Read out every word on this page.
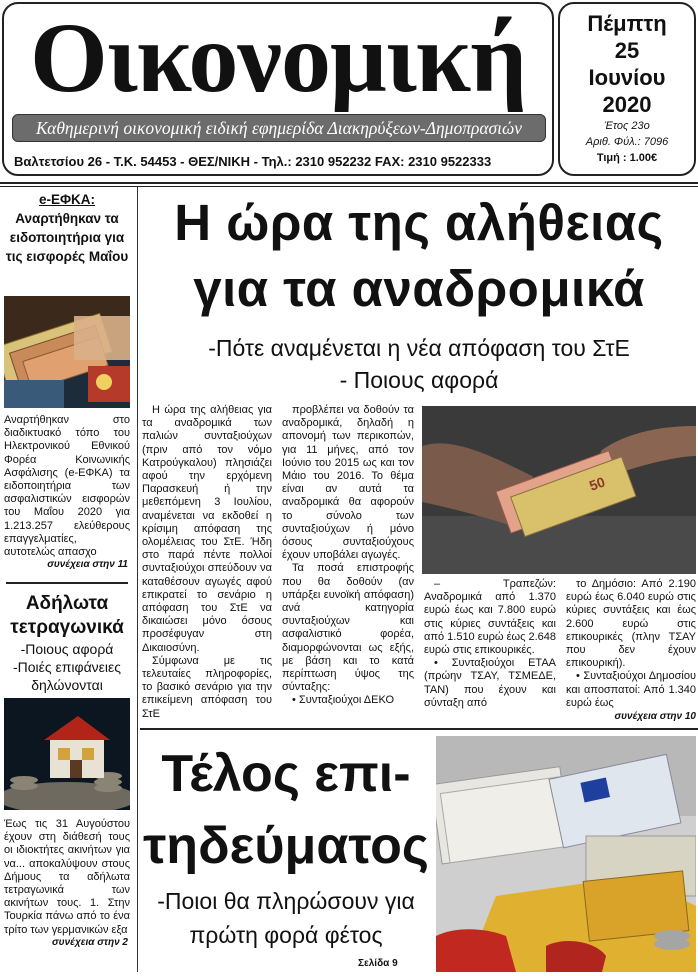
Οικονομική
Καθημερινή οικονομική ειδική εφημερίδα Διακηρύξεων-Δημοπρασιών
Βαλτετσίου 26 - Τ.Κ. 54453 - ΘΕΣ/ΝΙΚΗ - Τηλ.: 2310 952232 FAX: 2310 9522333
Πέμπτη
25
Ιουνίου
2020
Έτος 23ο
Αριθ. Φύλ.: 7096
Τιμή : 1.00€
e-ΕΦΚΑ:
Αναρτήθηκαν τα ειδοποιητήρια για τις εισφορές Μαΐου
Αναρτήθηκαν στο διαδικτυακό τόπο του Ηλεκτρονικού Εθνικού Φορέα Κοινωνικής Ασφάλισης (e-ΕΦΚΑ) τα ειδοποιητήρια των ασφαλιστικών εισφορών του Μαΐου 2020 για 1.213.257 ελεύθερους επαγγελματίες, αυτοτελώς απασχο
συνέχεια στην 11
Αδήλωτα τετραγωνικά
-Ποιους αφορά
-Ποιές επιφάνειες δηλώνονται
Έως τις 31 Αυγούστου έχουν στη διάθεσή τους οι ιδιοκτήτες ακινήτων για να... αποκαλύψουν στους Δήμους τα αδήλωτα τετραγωνικά των ακινήτων τους. 1. Στην Τουρκία πάνω από το ένα τρίτο των γερμανικών εξα
συνέχεια στην 2
Η ώρα της αλήθειας
για τα αναδρομικά
-Πότε αναμένεται η νέα απόφαση του ΣτΕ
- Ποιους αφορά

Η ώρα της αλήθειας για τα αναδρομικά των παλιών συνταξιούχων (πριν από τον νόμο Κατρούγκαλου) πλησιάζει αφού την ερχόμενη Παρασκευή ή την μεθεπόμενη 3 Ιουλίου, αναμένεται να εκδοθεί η κρίσιμη απόφαση της ολομέλειας του ΣτΕ. Ήδη στο παρά πέντε πολλοί συνταξιούχοι σπεύδουν να καταθέσουν αγωγές αφού επικρατεί το σενάριο η απόφαση του ΣτΕ να δικαιώσει μόνο όσους προσέφυγαν στη Δικαιοσύνη.

Σύμφωνα με τις τελευταίες πληροφορίες, το βασικό σενάριο για την επικείμενη απόφαση του ΣτΕ

προβλέπει να δοθούν τα αναδρομικά, δηλαδή η απονομή των περικοπών, για 11 μήνες, από τον Ιούνιο του 2015 ως και τον Μάιο του 2016. Το θέμα είναι αν αυτά τα αναδρομικά θα αφορούν το σύνολο των συνταξιούχων ή μόνο όσους συνταξιούχους έχουν υποβάλει αγωγές.

Τα ποσά επιστροφής που θα δοθούν (αν υπάρξει ευνοϊκή απόφαση) ανά κατηγορία συνταξιούχων και ασφαλιστικό φορέα, διαμορφώνονται ως εξής, με βάση και το κατά περίπτωση ύψος της σύνταξης:

• Συνταξιούχοι ΔΕΚΟ

50

– Τραπεζών: Αναδρομικά από 1.370 ευρώ έως και 7.800 ευρώ στις κύριες συντάξεις και από 1.510 ευρώ έως 2.648 ευρώ στις επικουρικές.

• Συνταξιούχοι ΕΤΑΑ (πρώην ΤΣΑΥ, ΤΣΜΕΔΕ, ΤΑΝ) που έχουν και σύνταξη από

το Δημόσιο: Από 2.190 ευρώ έως 6.040 ευρώ στις κύριες συντάξεις και έως 2.600 ευρώ στις επικουρικές (πλην ΤΣΑΥ που δεν έχουν επικουρική).

• Συνταξιούχοι Δημοσίου και αποσπατοί: Από 1.340 ευρώ έως

συνέχεια στην 10
Τέλος επι-
τηδεύματος
-Ποιοι θα πληρώσουν για
πρώτη φορά φέτος
Σελίδα 9
